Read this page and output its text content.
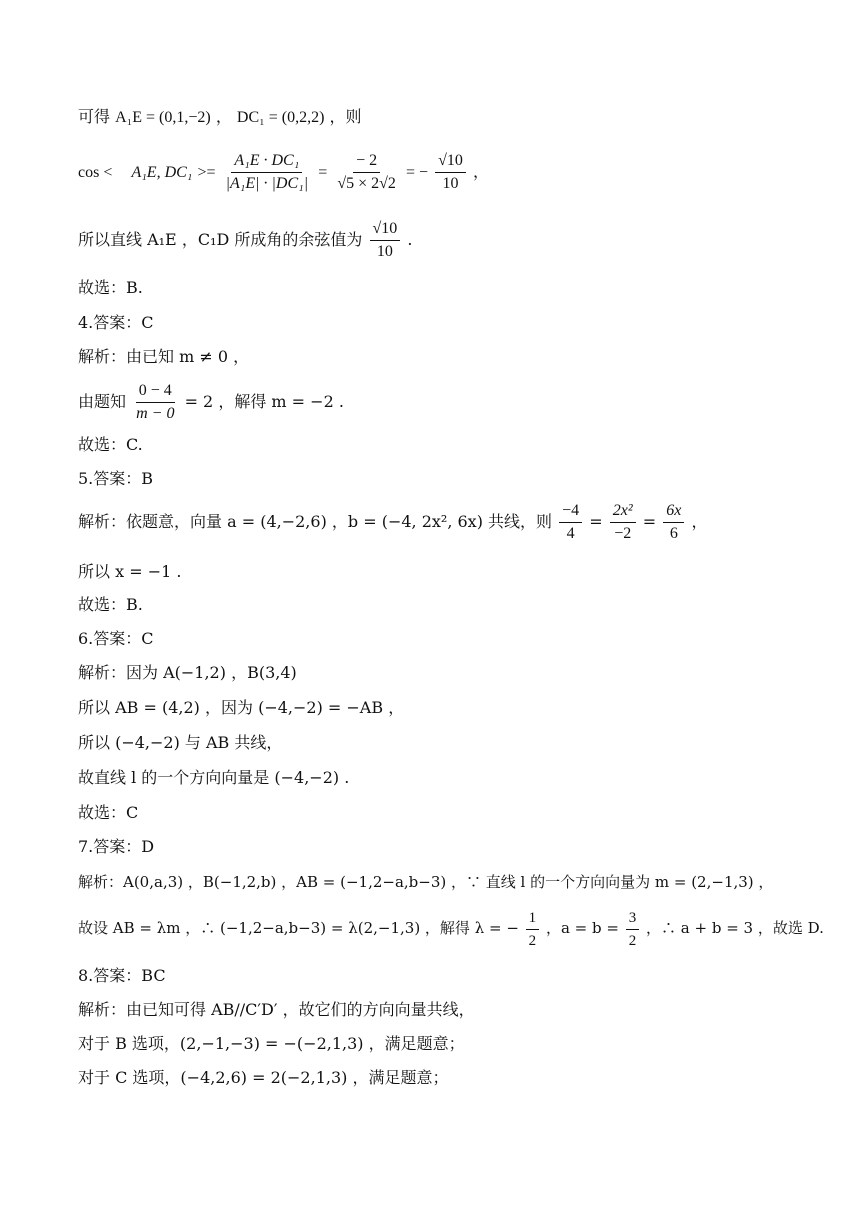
可得 A₁E = (0,1,−2) ， DC₁ = (0,2,2) ，则
cos < A₁E, $DC_1 >= \frac{\text{A₁E · DC₁}}{\text{|A₁E| · |DC₁|}} = \frac{- 2}{√5 \times 2√2}$ = − $\frac{√10}{10}$ ，
所以直线 A₁E ，C₁D 所成角的余弦值为 $\frac{√10}{10}$ .
故选：B.
4.答案：C
解析：由已知 m ≠ 0 ，
由题知 $\frac{0 - 4}{m - 0} = 2$ ，解得 m = −2 .
故选：C.
5.答案：B
解析：依题意，向量 a = (4,−2,6) ，b = (−4, 2x², 6x) 共线，则 $\frac{-4}{4} = \frac{\text{2x²}}{-2} = \frac{6x}{6}$ ，
所以 x = −1 .
故选：B.
6.答案：C
解析：因为 A(−1,2) ，B(3,4)
所以 AB = (4,2) ，因为 (−4,−2) = −AB ，
所以 (−4,−2) 与 AB 共线，
故直线 l 的一个方向向量是 (−4,−2) .
故选：C
7.答案：D
解析：A(0,a,3) ，B(−1,2,b) ，AB = (−1,2−a,b−3) ，∵ 直线 l 的一个方向向量为 m = (2,−1,3) ，
故设 AB = λm ，∴ (−1,2−a,b−3) = λ(2,−1,3) ，解得 λ = − $\frac{1}{2}$ ，$a = b = \frac{3}{2}$ ，∴ a + b = 3 ，故选 D.
8.答案：BC
解析：由已知可得 AB//C′D′ ，故它们的方向向量共线，
对于 B 选项，(2,−1,−3) = −(−2,1,3) ，满足题意；
对于 C 选项，(−4,2,6) = 2(−2,1,3) ，满足题意；
